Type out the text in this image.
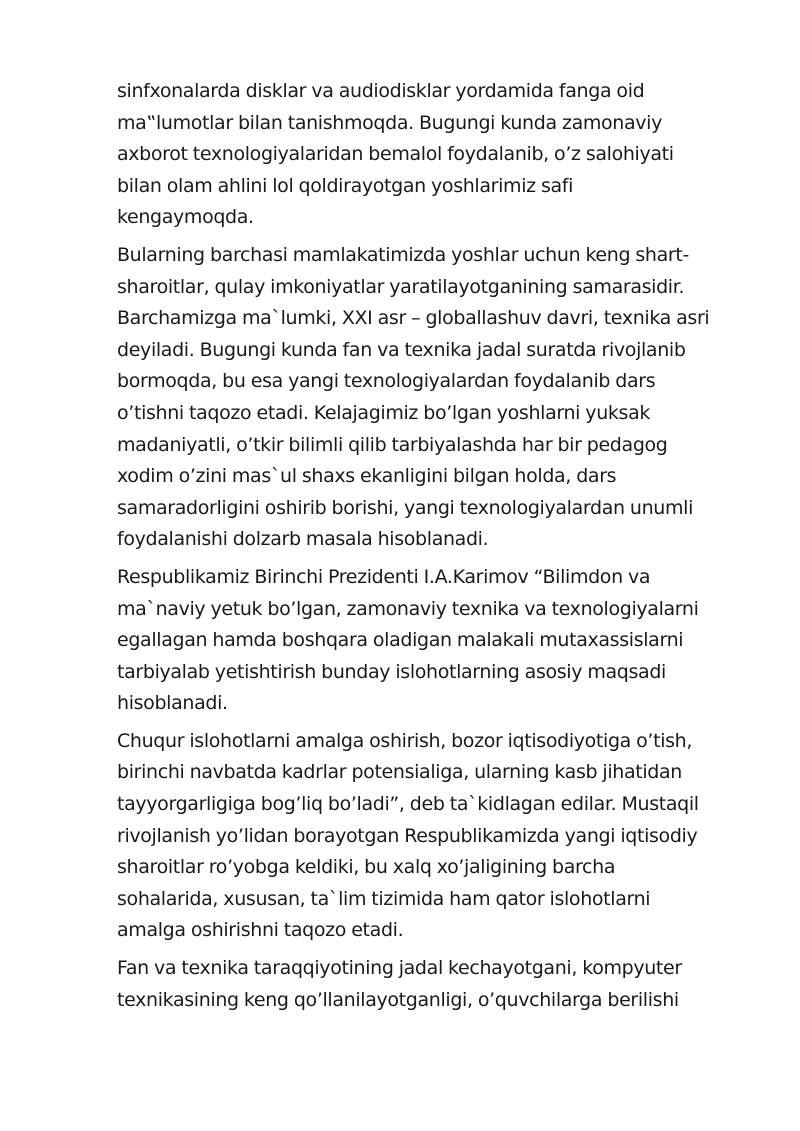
sinfxonalarda disklar va audiodisklar yordamida fanga oid
ma‟lumotlar bilan tanishmoqda. Bugungi kunda zamonaviy
axborot texnologiyalaridan bemalol foydalanib, o’z salohiyati
bilan olam ahlini lol qoldirayotgan yoshlarimiz safi
kengaymoqda.

Bularning barchasi mamlakatimizda yoshlar uchun keng shart-
sharoitlar, qulay imkoniyatlar yaratilayotganining samarasidir.
Barchamizga ma`lumki, XXI asr – globallashuv davri, texnika asri
deyiladi. Bugungi kunda fan va texnika jadal suratda rivojlanib
bormoqda, bu esa yangi texnologiyalardan foydalanib dars
o’tishni taqozo etadi. Kelajagimiz bo’lgan yoshlarni yuksak
madaniyatli, o’tkir bilimli qilib tarbiyalashda har bir pedagog
xodim o’zini mas`ul shaxs ekanligini bilgan holda, dars
samaradorligini oshirib borishi, yangi texnologiyalardan unumli
foydalanishi dolzarb masala hisoblanadi.

Respublikamiz Birinchi Prezidenti I.A.Karimov “Bilimdon va
ma`naviy yetuk bo’lgan, zamonaviy texnika va texnologiyalarni
egallagan hamda boshqara oladigan malakali mutaxassislarni
tarbiyalab yetishtirish bunday islohotlarning asosiy maqsadi
hisoblanadi.

Chuqur islohotlarni amalga oshirish, bozor iqtisodiyotiga o’tish,
birinchi navbatda kadrlar potensialiga, ularning kasb jihatidan
tayyorgarligiga bog’liq bo’ladi”, deb ta`kidlagan edilar. Mustaqil
rivojlanish yo’lidan borayotgan Respublikamizda yangi iqtisodiy
sharoitlar ro’yobga keldiki, bu xalq xo’jaligining barcha
sohalarida, xususan, ta`lim tizimida ham qator islohotlarni
amalga oshirishni taqozo etadi.

Fan va texnika taraqqiyotining jadal kechayotgani, kompyuter
texnikasining keng qo’llanilayotganligi, o’quvchilarga berilishi
